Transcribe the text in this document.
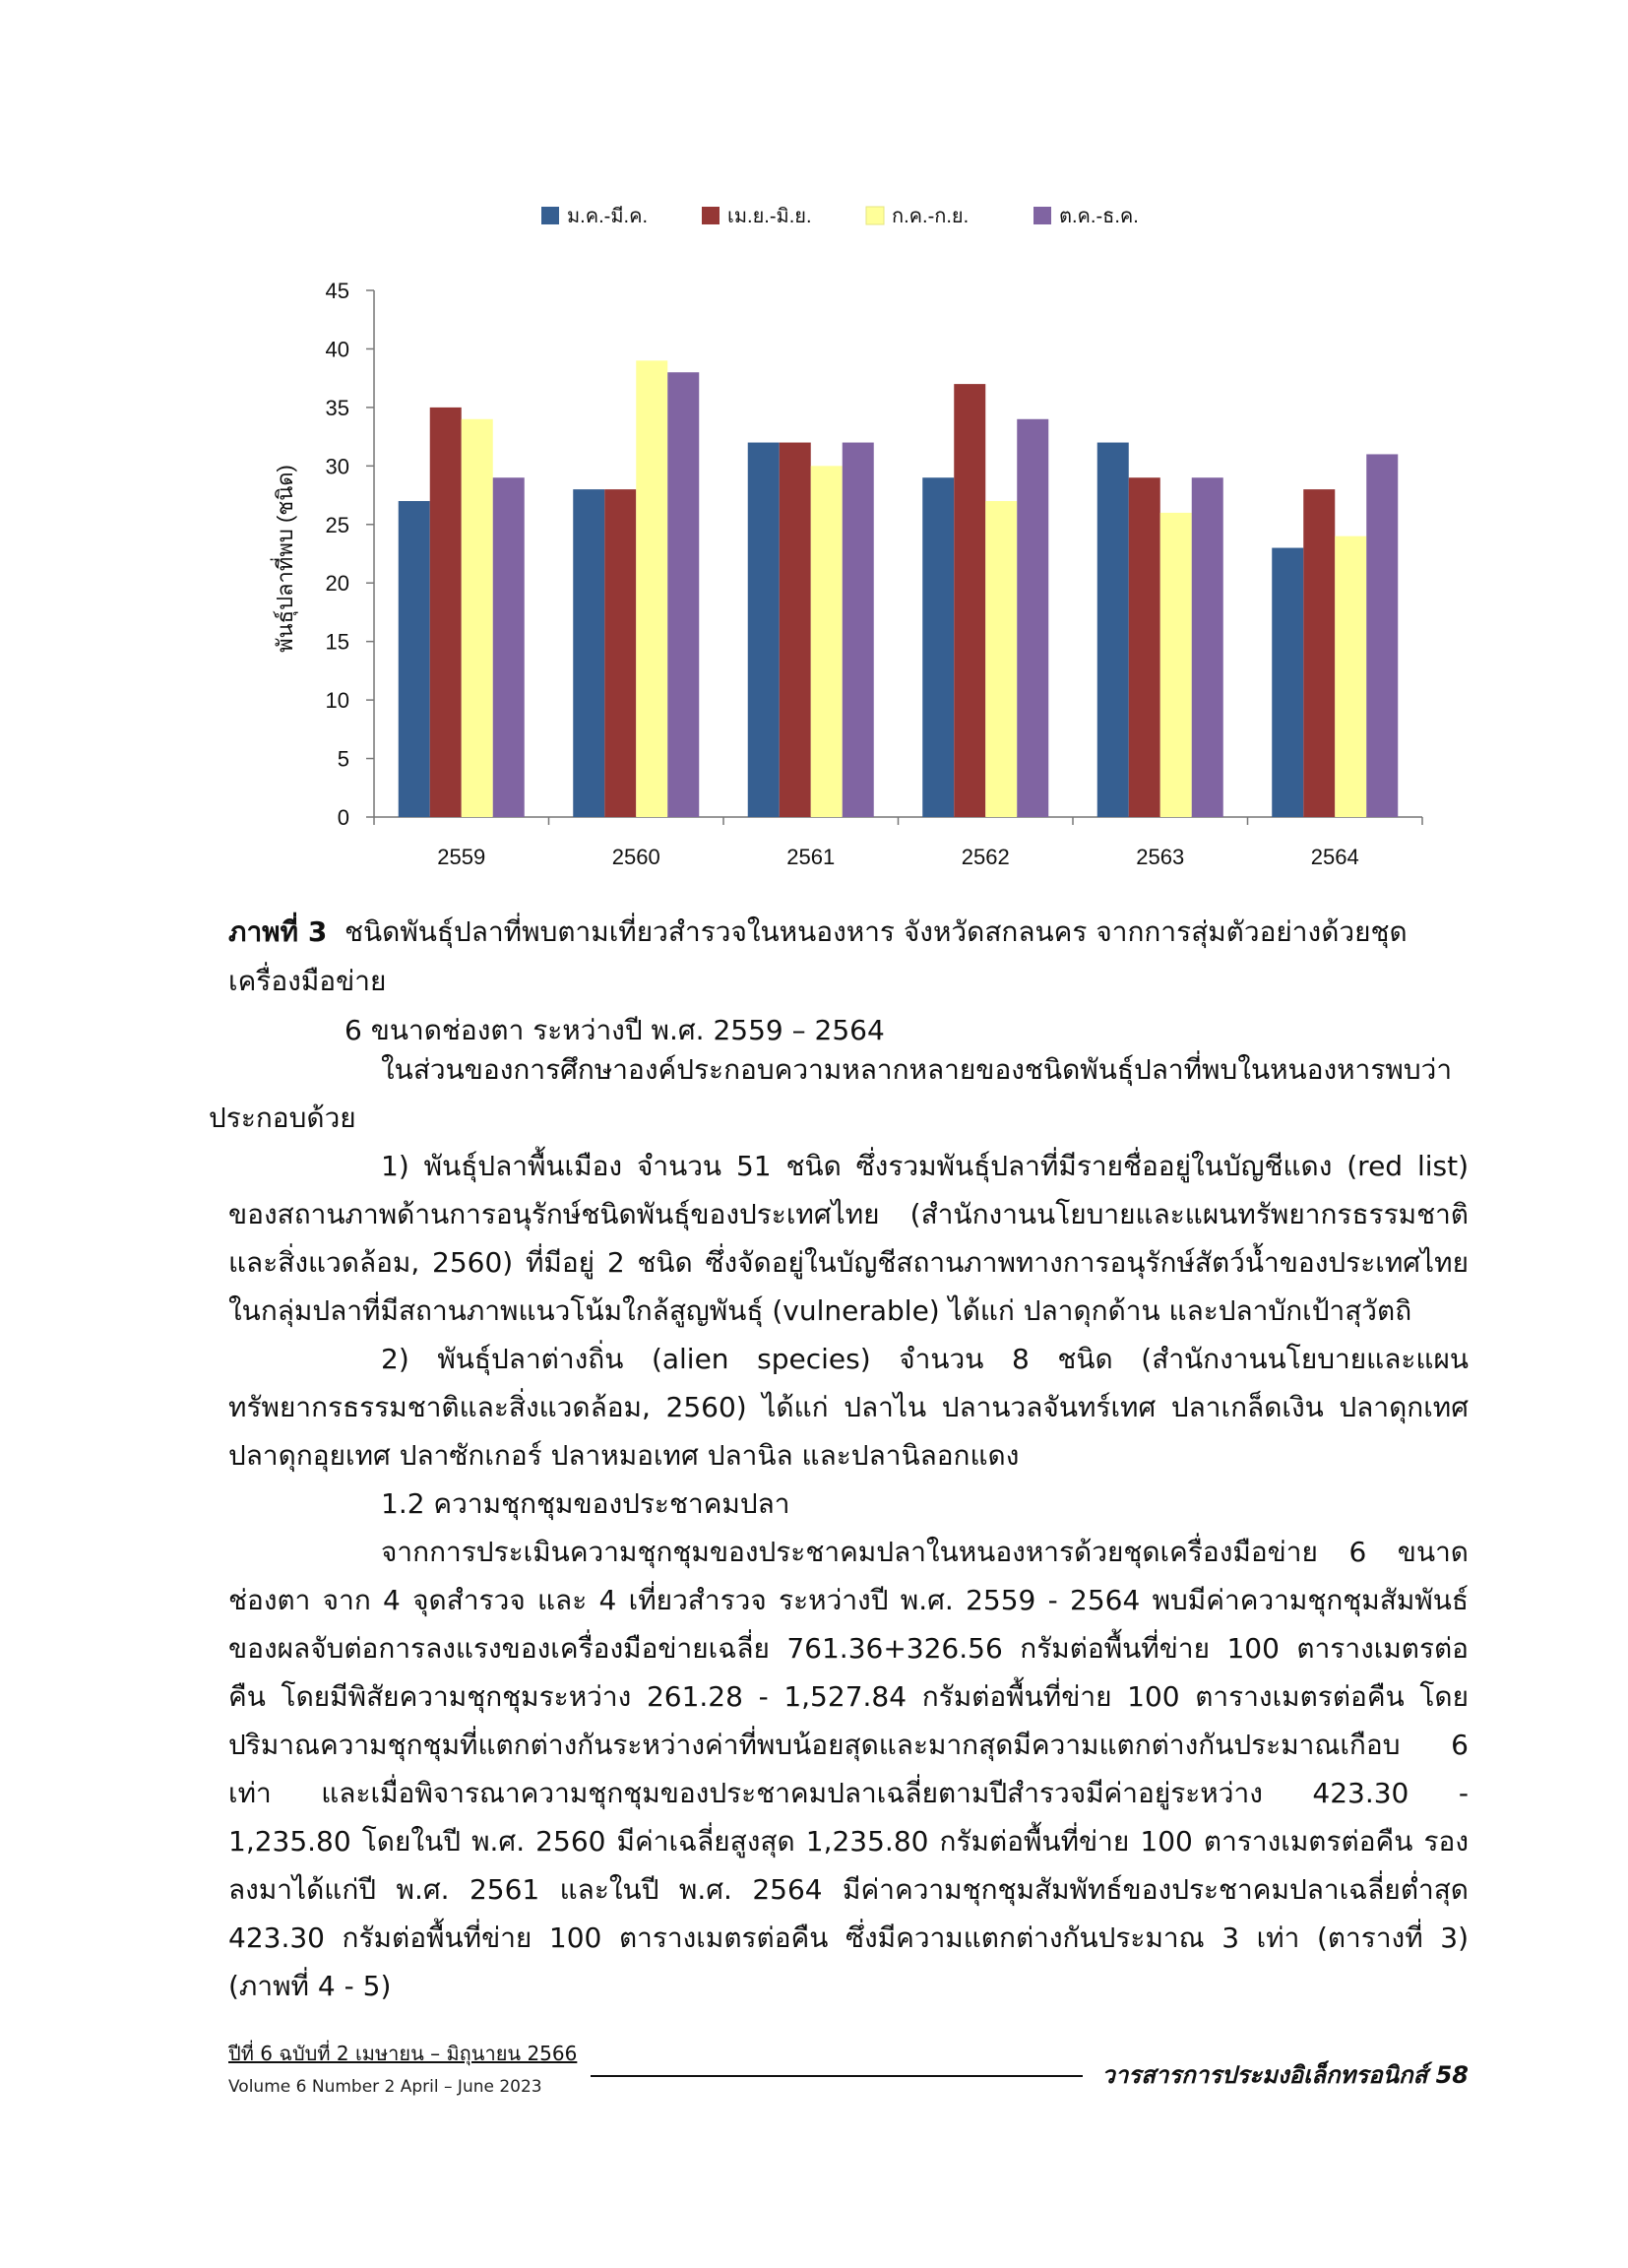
ม.ค.-มี.ค.	เม.ย.-มิ.ย.	ก.ค.-ก.ย.	ต.ค.-ธ.ค.
0
5
10
15
20
25
30
35
40
45
2559	2560	2561	2562	2563	2564
พันธุ์ปลาที่พบ (ชนิด)
ภาพที่ 3 ชนิดพันธุ์ปลาที่พบตามเที่ยวสำรวจในหนองหาร จังหวัดสกลนคร จากการสุ่มตัวอย่างด้วยชุดเครื่องมือข่าย
6 ขนาดช่องตา ระหว่างปี พ.ศ. 2559 – 2564

ในส่วนของการศึกษาองค์ประกอบความหลากหลายของชนิดพันธุ์ปลาที่พบในหนองหารพบว่าประกอบด้วย

1) พันธุ์ปลาพื้นเมือง จำนวน 51 ชนิด ซึ่งรวมพันธุ์ปลาที่มีรายชื่ออยู่ในบัญชีแดง (red list) ของสถานภาพด้านการอนุรักษ์ชนิดพันธุ์ของประเทศไทย (สำนักงานนโยบายและแผนทรัพยากรธรรมชาติและสิ่งแวดล้อม, 2560) ที่มีอยู่ 2 ชนิด ซึ่งจัดอยู่ในบัญชีสถานภาพทางการอนุรักษ์สัตว์น้ำของประเทศไทยในกลุ่มปลาที่มีสถานภาพแนวโน้มใกล้สูญพันธุ์ (vulnerable) ได้แก่ ปลาดุกด้าน และปลาบักเป้าสุวัตถิ

2) พันธุ์ปลาต่างถิ่น (alien species) จำนวน 8 ชนิด (สำนักงานนโยบายและแผนทรัพยากรธรรมชาติและสิ่งแวดล้อม, 2560) ได้แก่ ปลาไน ปลานวลจันทร์เทศ ปลาเกล็ดเงิน ปลาดุกเทศ ปลาดุกอุยเทศ ปลาซักเกอร์ ปลาหมอเทศ ปลานิล และปลานิลอกแดง

1.2 ความชุกชุมของประชาคมปลา

จากการประเมินความชุกชุมของประชาคมปลาในหนองหารด้วยชุดเครื่องมือข่าย 6 ขนาดช่องตา จาก 4 จุดสำรวจ และ 4 เที่ยวสำรวจ ระหว่างปี พ.ศ. 2559 - 2564 พบมีค่าความชุกชุมสัมพันธ์ของผลจับต่อการลงแรงของเครื่องมือข่ายเฉลี่ย 761.36+326.56 กรัมต่อพื้นที่ข่าย 100 ตารางเมตรต่อคืน โดยมีพิสัยความชุกชุมระหว่าง 261.28 - 1,527.84 กรัมต่อพื้นที่ข่าย 100 ตารางเมตรต่อคืน โดยปริมาณความชุกชุมที่แตกต่างกันระหว่างค่าที่พบน้อยสุดและมากสุดมีความแตกต่างกันประมาณเกือบ 6 เท่า และเมื่อพิจารณาความชุกชุมของประชาคมปลาเฉลี่ยตามปีสำรวจมีค่าอยู่ระหว่าง 423.30 - 1,235.80 โดยในปี พ.ศ. 2560 มีค่าเฉลี่ยสูงสุด 1,235.80 กรัมต่อพื้นที่ข่าย 100 ตารางเมตรต่อคืน รองลงมาได้แก่ปี พ.ศ. 2561 และในปี พ.ศ. 2564 มีค่าความชุกชุมสัมพัทธ์ของประชาคมปลาเฉลี่ยต่ำสุด 423.30 กรัมต่อพื้นที่ข่าย 100 ตารางเมตรต่อคืน ซึ่งมีความแตกต่างกันประมาณ 3 เท่า (ตารางที่ 3) (ภาพที่ 4 - 5)

ปีที่ 6 ฉบับที่ 2 เมษายน – มิถุนายน 2566
Volume 6 Number 2 April – June 2023	วารสารการประมงอิเล็กทรอนิกส์ 58
